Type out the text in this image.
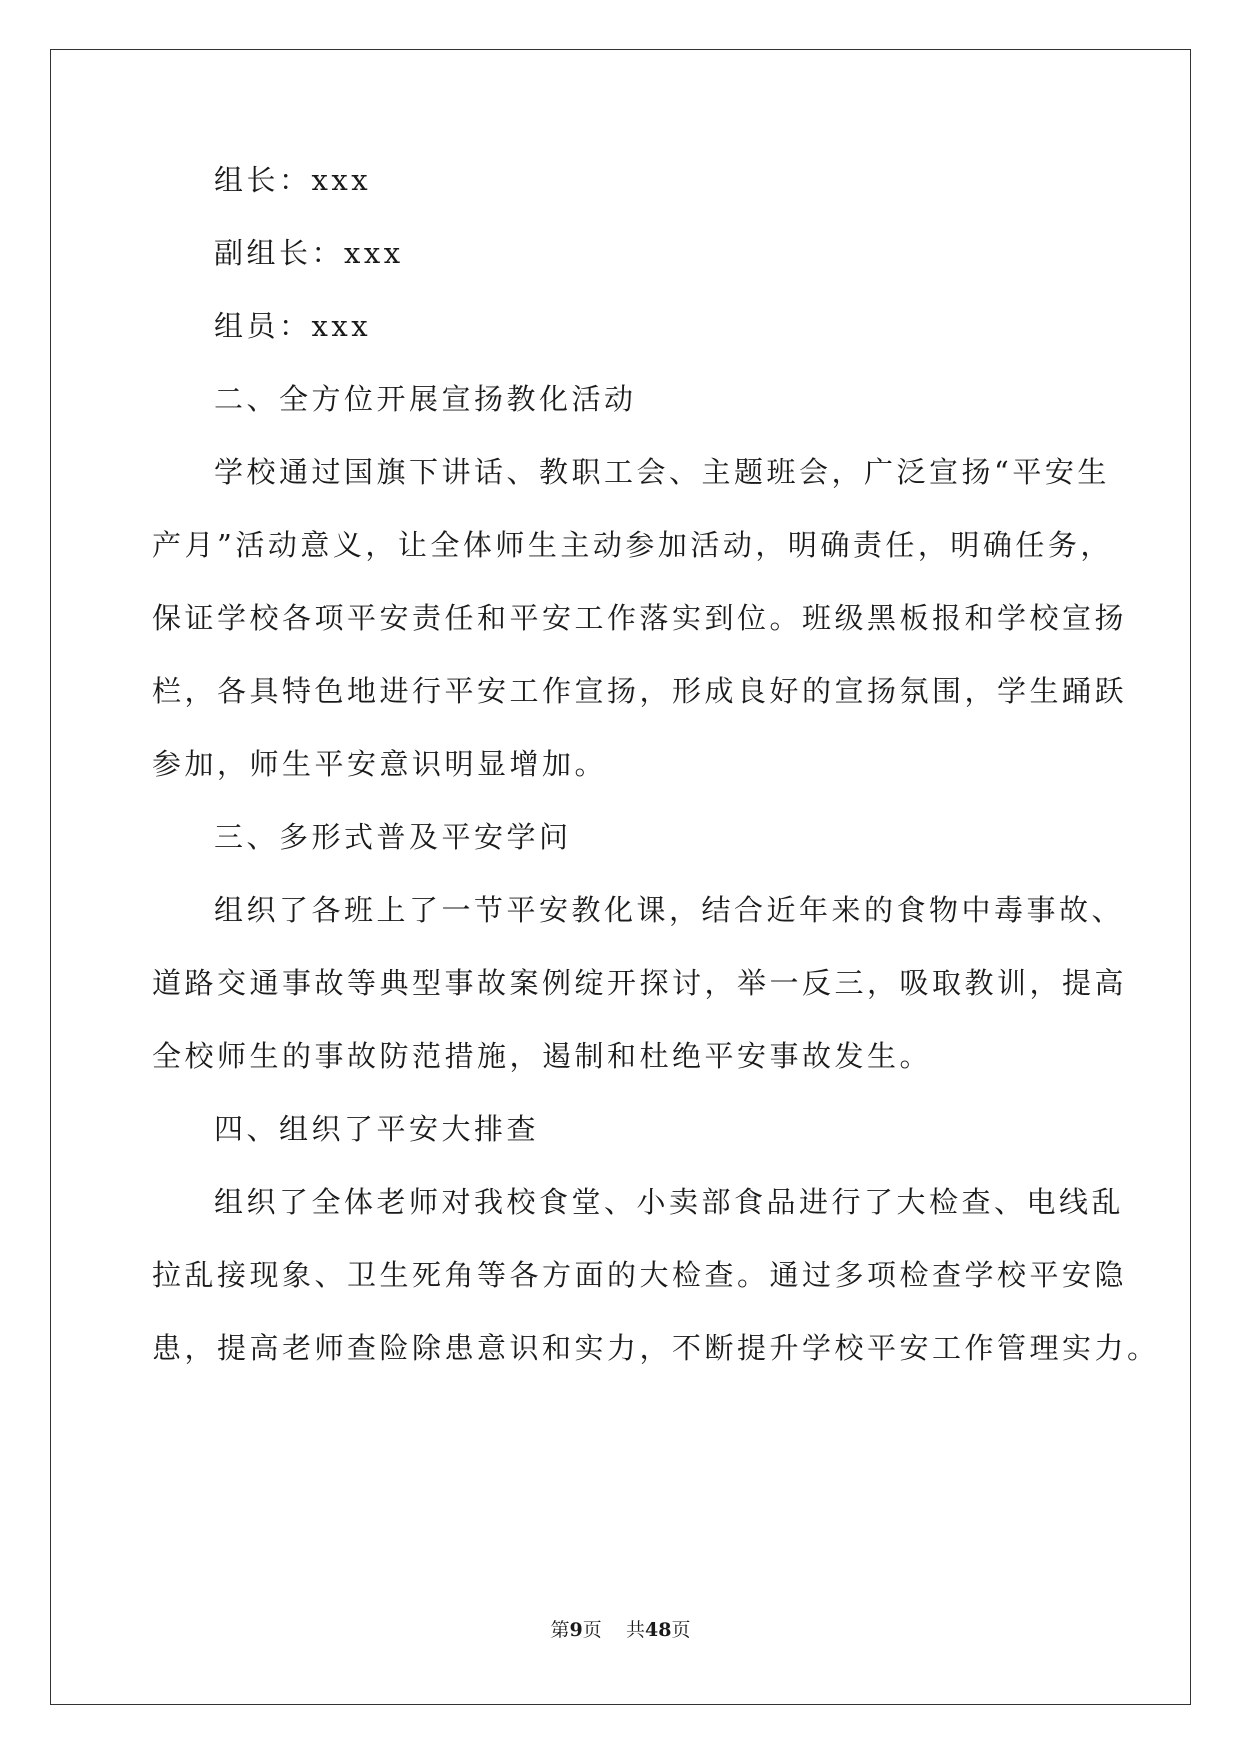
组长：xxx
副组长：xxx
组员：xxx
二、全方位开展宣扬教化活动
学校通过国旗下讲话、教职工会、主题班会，广泛宣扬“平安生
产月”活动意义，让全体师生主动参加活动，明确责任，明确任务，
保证学校各项平安责任和平安工作落实到位。班级黑板报和学校宣扬
栏，各具特色地进行平安工作宣扬，形成良好的宣扬氛围，学生踊跃
参加，师生平安意识明显增加。
三、多形式普及平安学问
组织了各班上了一节平安教化课，结合近年来的食物中毒事故、
道路交通事故等典型事故案例绽开探讨，举一反三，吸取教训，提高
全校师生的事故防范措施，遏制和杜绝平安事故发生。
四、组织了平安大排查
组织了全体老师对我校食堂、小卖部食品进行了大检查、电线乱
拉乱接现象、卫生死角等各方面的大检查。通过多项检查学校平安隐
患，提高老师查险除患意识和实力，不断提升学校平安工作管理实力。
第9页 共48页
